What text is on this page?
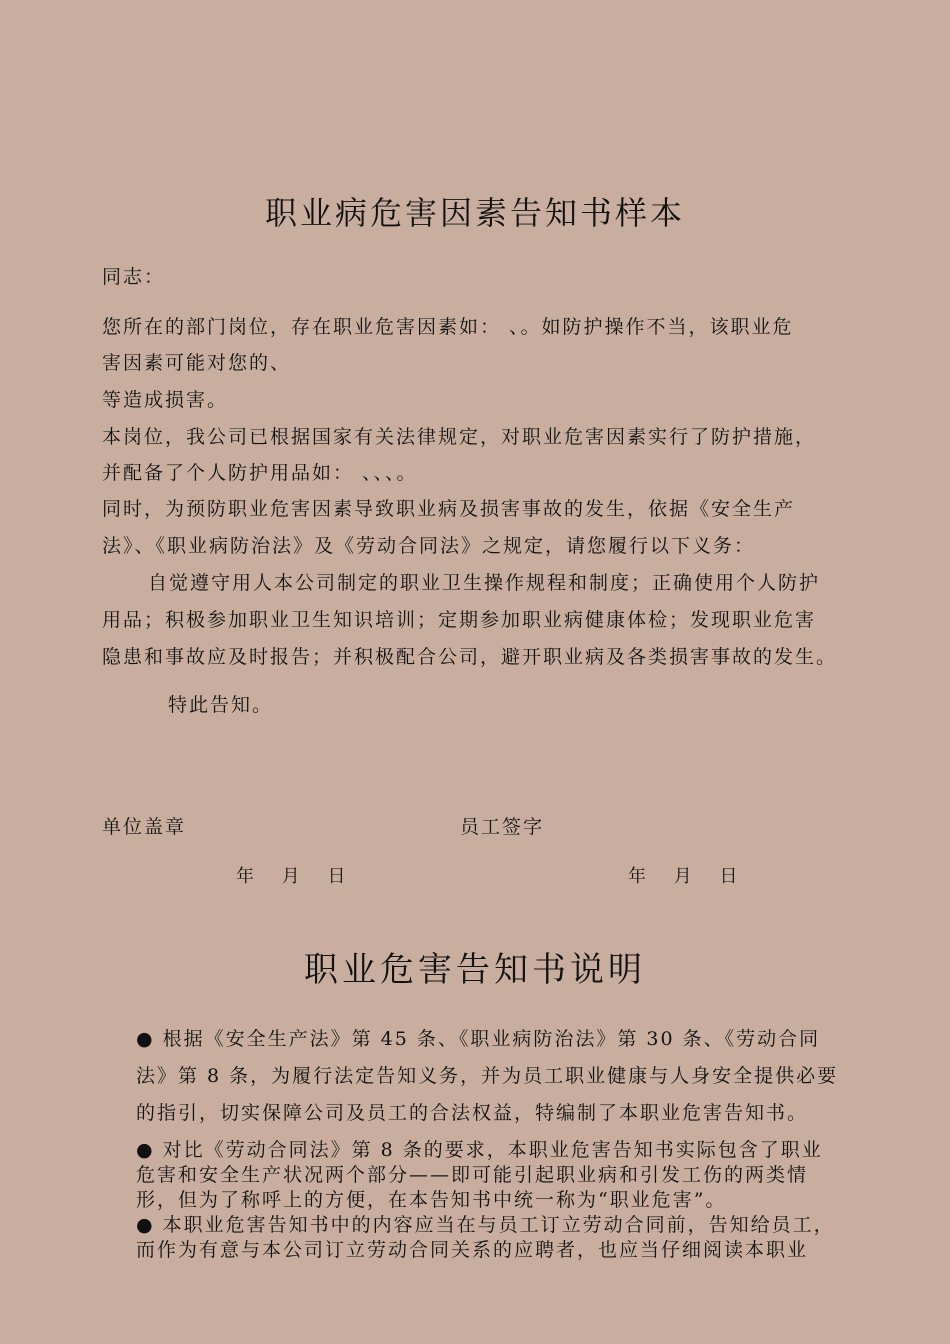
职业病危害因素告知书样本
同志：
您所在的部门岗位，存在职业危害因素如： 、。如防护操作不当，该职业危
害因素可能对您的、
等造成损害。
本岗位，我公司已根据国家有关法律规定，对职业危害因素实行了防护措施，
并配备了个人防护用品如： 、、、。
同时，为预防职业危害因素导致职业病及损害事故的发生，依据《安全生产
法》、《职业病防治法》及《劳动合同法》之规定，请您履行以下义务：
自觉遵守用人本公司制定的职业卫生操作规程和制度；正确使用个人防护
用品；积极参加职业卫生知识培训；定期参加职业病健康体检；发现职业危害
隐患和事故应及时报告；并积极配合公司，避开职业病及各类损害事故的发生。
特此告知。
单位盖章	员工签字
年 月 日	年 月 日
职业危害告知书说明
● 根据《安全生产法》第 45 条、《职业病防治法》第 30 条、《劳动合同
法》第 8 条，为履行法定告知义务，并为员工职业健康与人身安全提供必要
的指引，切实保障公司及员工的合法权益，特编制了本职业危害告知书。
● 对比《劳动合同法》第 8 条的要求，本职业危害告知书实际包含了职业
危害和安全生产状况两个部分——即可能引起职业病和引发工伤的两类情
形，但为了称呼上的方便，在本告知书中统一称为“职业危害”。
● 本职业危害告知书中的内容应当在与员工订立劳动合同前，告知给员工，
而作为有意与本公司订立劳动合同关系的应聘者，也应当仔细阅读本职业
